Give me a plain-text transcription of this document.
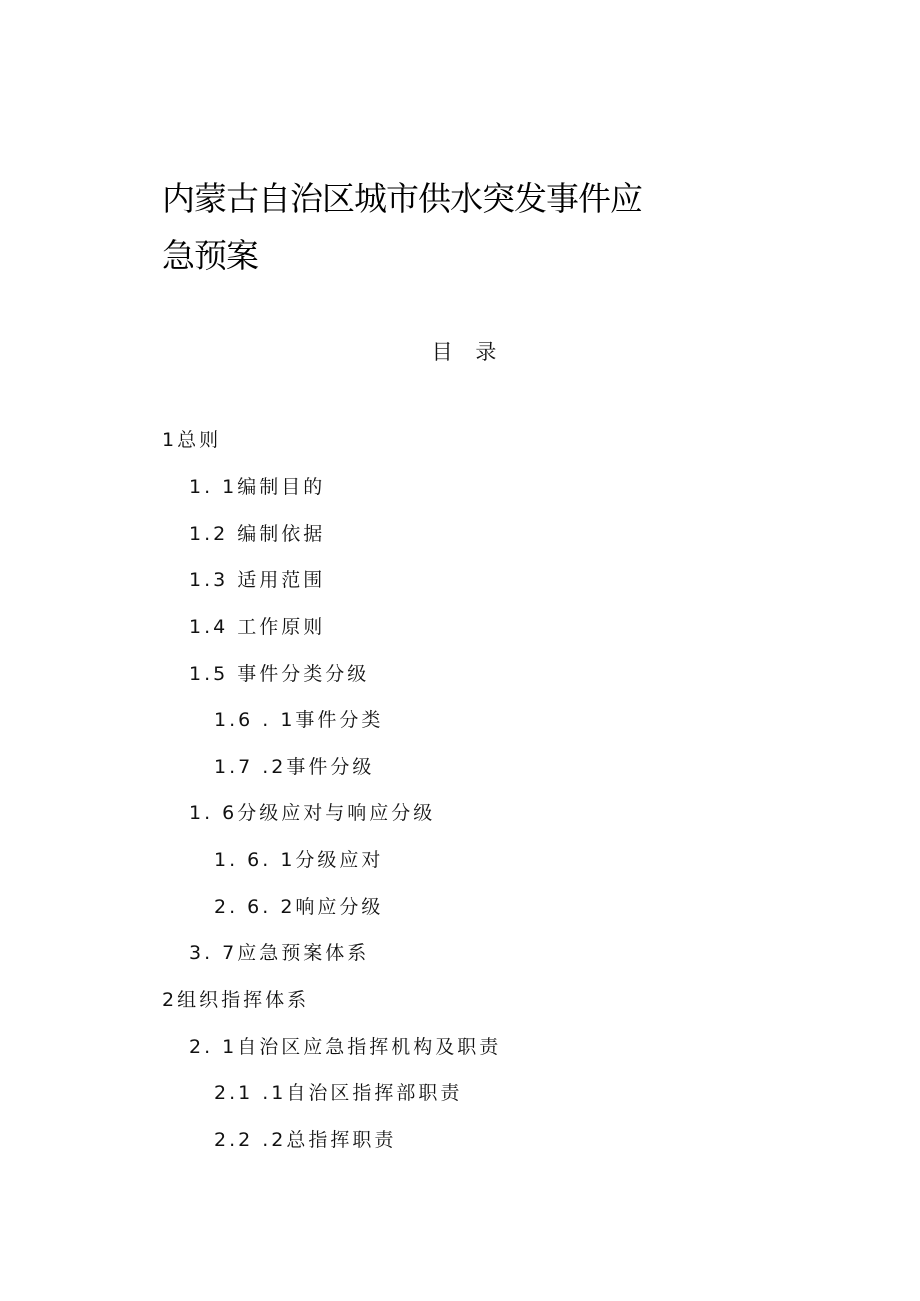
内蒙古自治区城市供水突发事件应
急预案
目 录
1总则
1. 1编制目的
1.2 编制依据
1.3 适用范围
1.4 工作原则
1.5 事件分类分级
1.6 . 1事件分类
1.7 .2事件分级
1. 6分级应对与响应分级
1. 6. 1分级应对
2. 6. 2响应分级
3. 7应急预案体系
2组织指挥体系
2. 1自治区应急指挥机构及职责
2.1 .1自治区指挥部职责
2.2 .2总指挥职责
